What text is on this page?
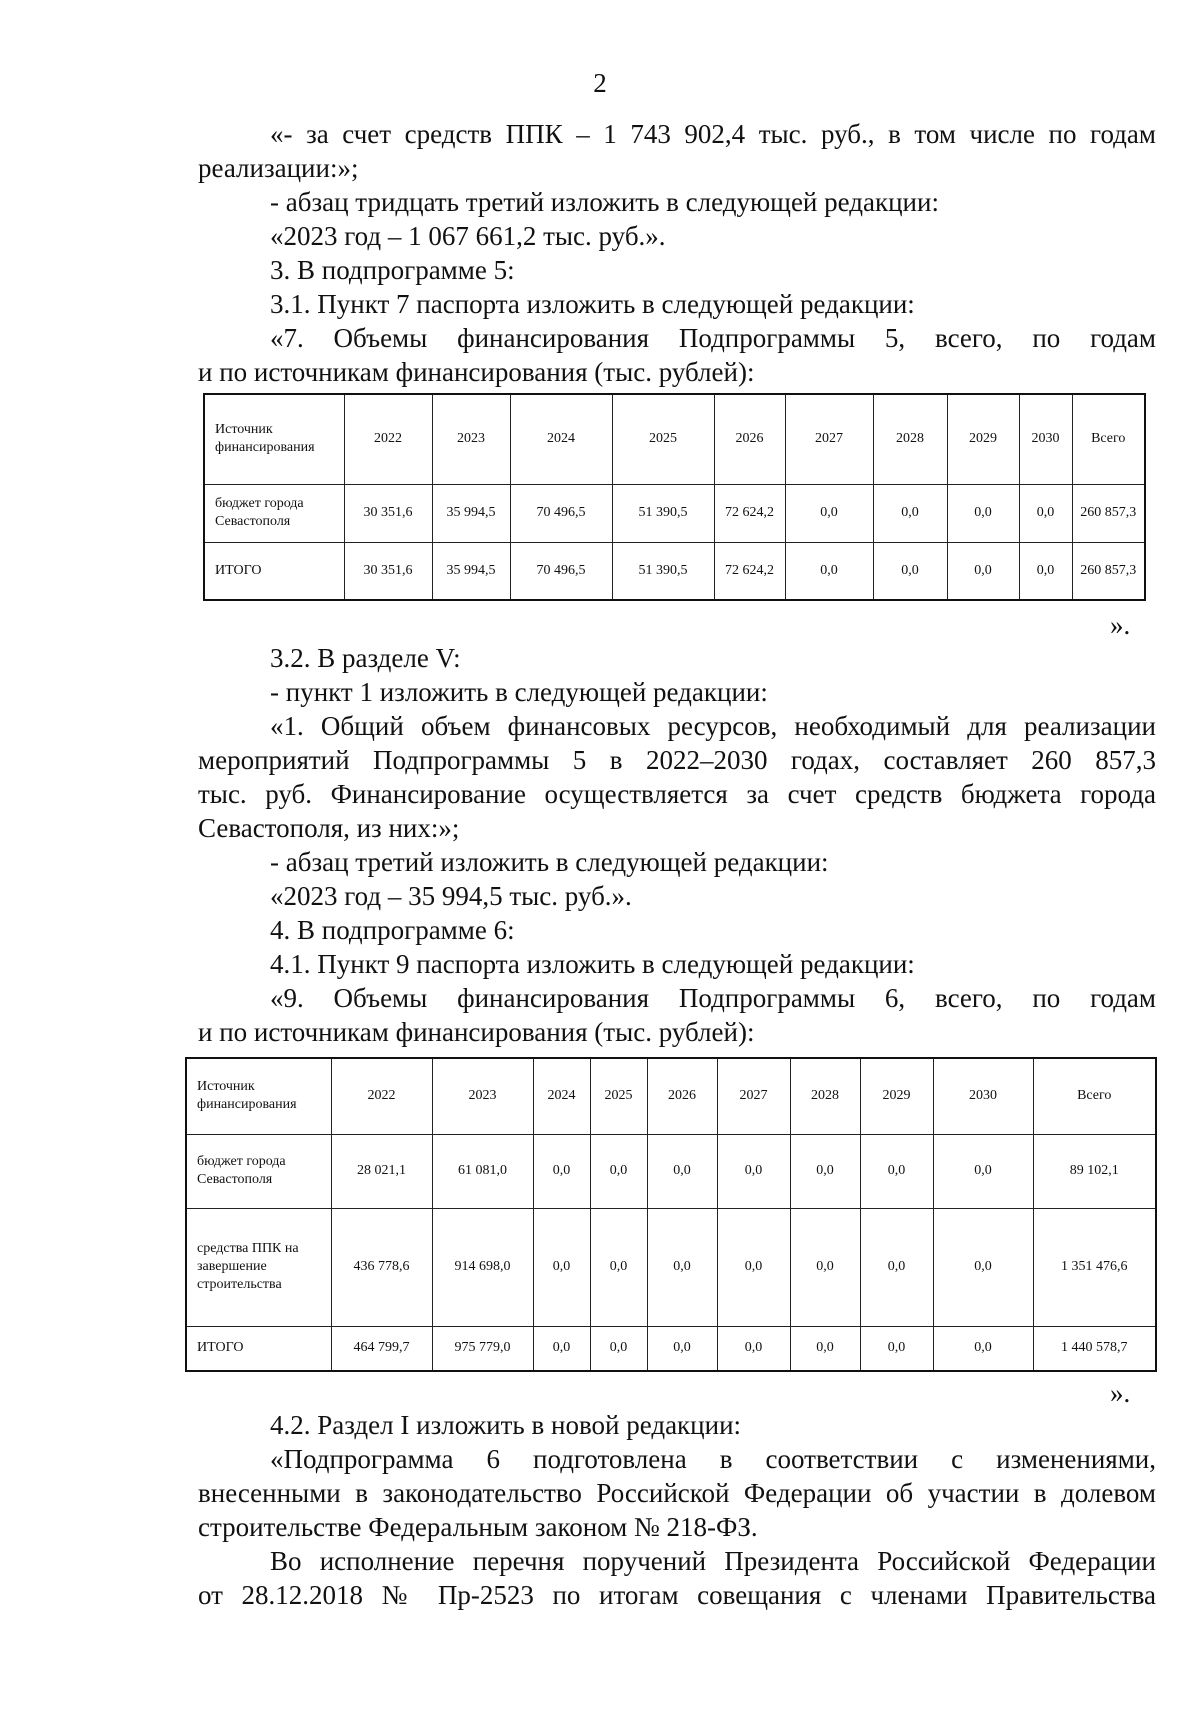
2
«- за счет средств ППК – 1 743 902,4 тыс. руб., в том числе по годам
реализации:»;
- абзац тридцать третий изложить в следующей редакции:
«2023 год – 1 067 661,2 тыс. руб.».
3. В подпрограмме 5:
3.1. Пункт 7 паспорта изложить в следующей редакции:
«7. Объемы финансирования Подпрограммы 5, всего, по годам
и по источникам финансирования (тыс. рублей):
Источник финансирования	2022	2023	2024	2025	2026	2027	2028	2029	2030	Всего
бюджет города Севастополя	30 351,6	35 994,5	70 496,5	51 390,5	72 624,2	0,0	0,0	0,0	0,0	260 857,3
ИТОГО	30 351,6	35 994,5	70 496,5	51 390,5	72 624,2	0,0	0,0	0,0	0,0	260 857,3
».
3.2. В разделе V:
- пункт 1 изложить в следующей редакции:
«1. Общий объем финансовых ресурсов, необходимый для реализации
мероприятий Подпрограммы 5 в 2022–2030 годах, составляет 260 857,3
тыс. руб. Финансирование осуществляется за счет средств бюджета города
Севастополя, из них:»;
- абзац третий изложить в следующей редакции:
«2023 год – 35 994,5 тыс. руб.».
4. В подпрограмме 6:
4.1. Пункт 9 паспорта изложить в следующей редакции:
«9. Объемы финансирования Подпрограммы 6, всего, по годам
и по источникам финансирования (тыс. рублей):
Источник финансирования	2022	2023	2024	2025	2026	2027	2028	2029	2030	Всего
бюджет города Севастополя	28 021,1	61 081,0	0,0	0,0	0,0	0,0	0,0	0,0	0,0	89 102,1
средства ППК на завершение строительства	436 778,6	914 698,0	0,0	0,0	0,0	0,0	0,0	0,0	0,0	1 351 476,6
ИТОГО	464 799,7	975 779,0	0,0	0,0	0,0	0,0	0,0	0,0	0,0	1 440 578,7
».
4.2. Раздел I изложить в новой редакции:
«Подпрограмма 6 подготовлена в соответствии с изменениями,
внесенными в законодательство Российской Федерации об участии в долевом
строительстве Федеральным законом № 218-ФЗ.
Во исполнение перечня поручений Президента Российской Федерации
от 28.12.2018 № Пр-2523 по итогам совещания с членами Правительства
